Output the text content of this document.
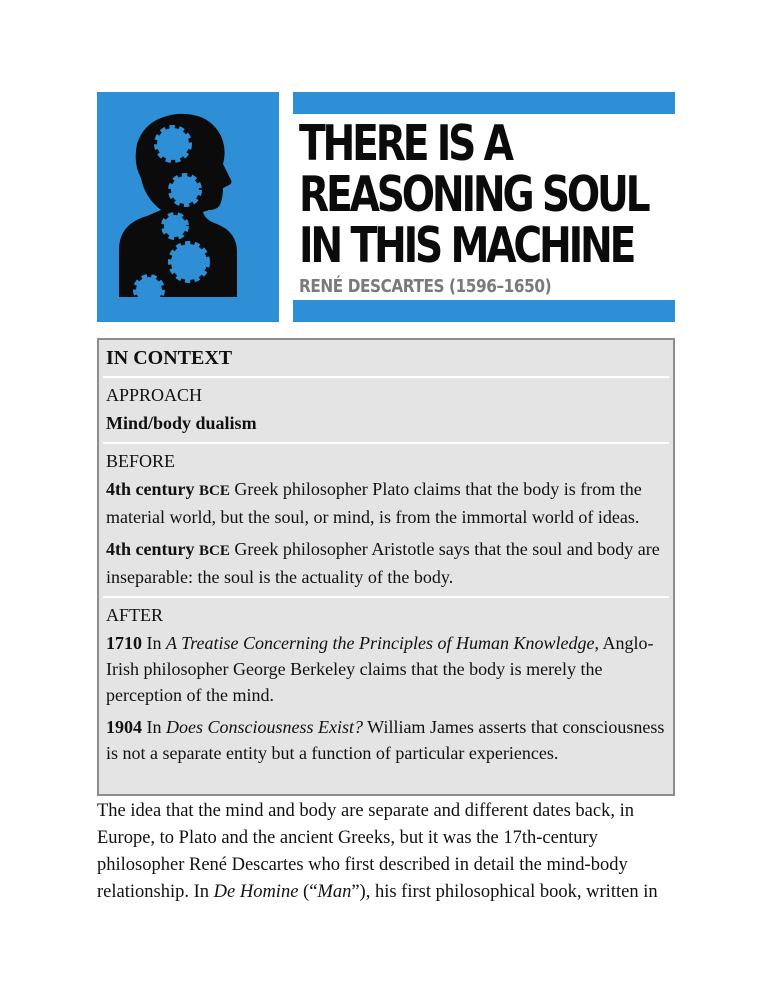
THERE IS A
REASONING SOUL
IN THIS MACHINE
RENÉ DESCARTES (1596–1650)
IN CONTEXT
APPROACH
Mind/body dualism
BEFORE
4th century BCE Greek philosopher Plato claims that the body is from the material world, but the soul, or mind, is from the immortal world of ideas.
4th century BCE Greek philosopher Aristotle says that the soul and body are inseparable: the soul is the actuality of the body.
AFTER
1710 In A Treatise Concerning the Principles of Human Knowledge, Anglo-Irish philosopher George Berkeley claims that the body is merely the perception of the mind.
1904 In Does Consciousness Exist? William James asserts that consciousness is not a separate entity but a function of particular experiences.

The idea that the mind and body are separate and different dates back, in Europe, to Plato and the ancient Greeks, but it was the 17th-century philosopher René Descartes who first described in detail the mind-body relationship. In De Homine (“Man”), his first philosophical book, written in
